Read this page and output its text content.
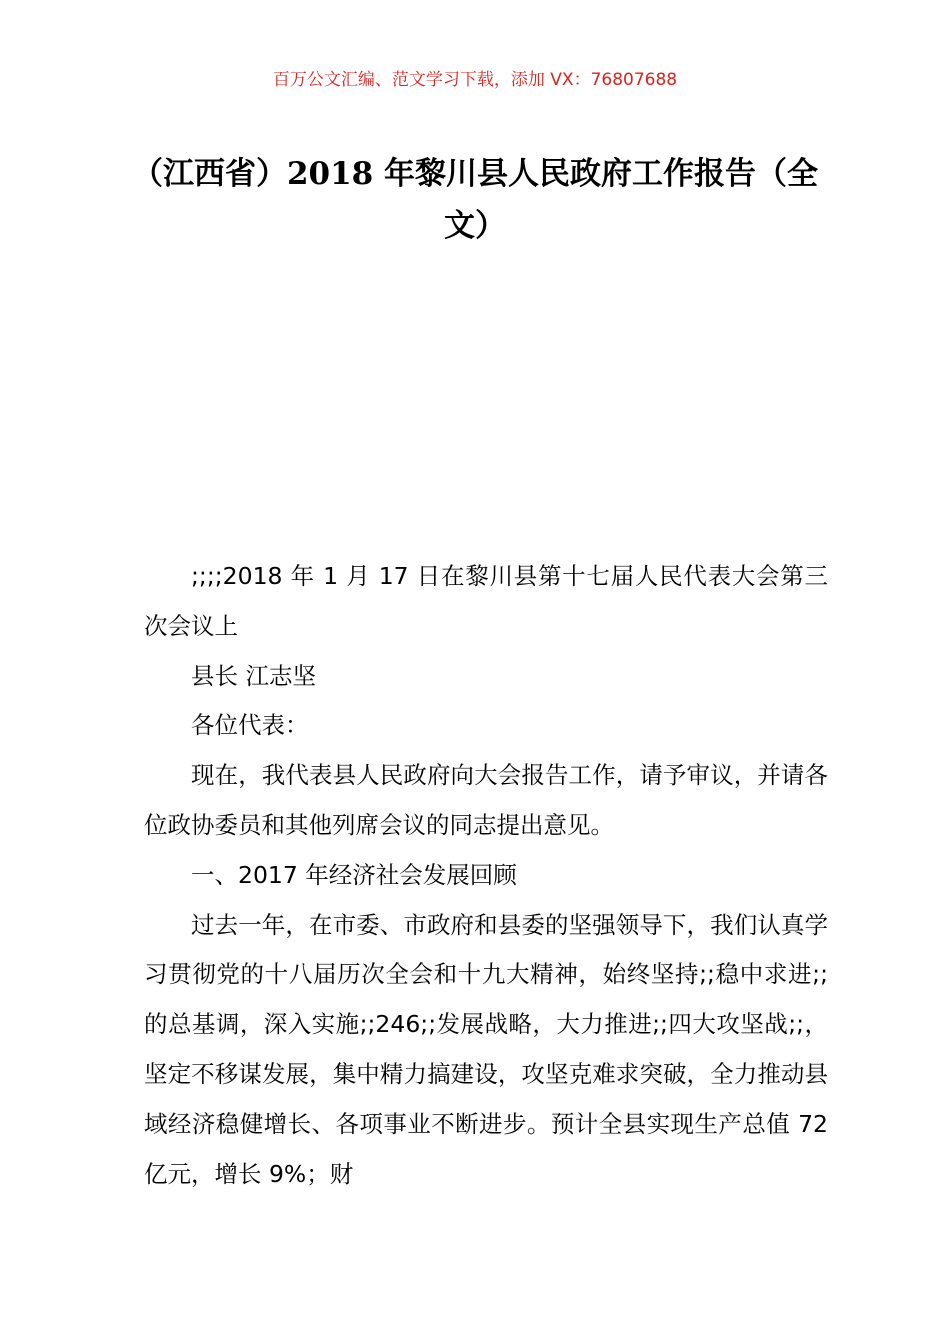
百万公文汇编、范文学习下载，添加 VX：76807688
（江西省）2018 年黎川县人民政府工作报告（全文）

;;;;2018 年 1 月 17 日在黎川县第十七届人民代表大会第三次会议上

县长 江志坚

各位代表：

现在，我代表县人民政府向大会报告工作，请予审议，并请各位政协委员和其他列席会议的同志提出意见。

一、2017 年经济社会发展回顾

过去一年，在市委、市政府和县委的坚强领导下，我们认真学习贯彻党的十八届历次全会和十九大精神，始终坚持;;稳中求进;;的总基调，深入实施;;246;;发展战略，大力推进;;四大攻坚战;;，坚定不移谋发展，集中精力搞建设，攻坚克难求突破，全力推动县域经济稳健增长、各项事业不断进步。预计全县实现生产总值 72 亿元，增长 9%；财
